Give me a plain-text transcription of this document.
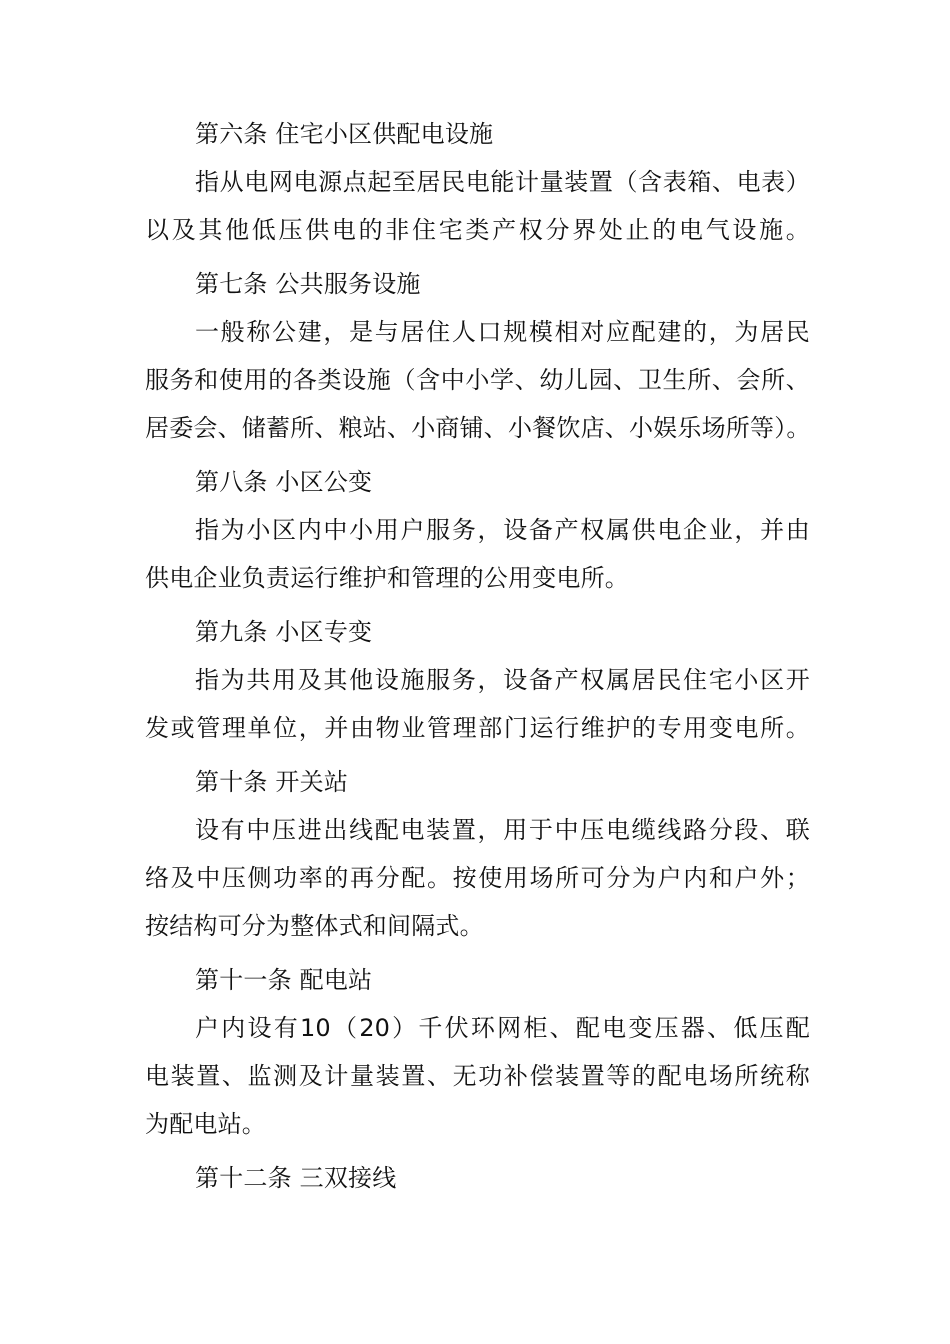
第六条 住宅小区供配电设施
指从电网电源点起至居民电能计量装置（含表箱、电表）
以及其他低压供电的非住宅类产权分界处止的电气设施。
第七条 公共服务设施
一般称公建，是与居住人口规模相对应配建的，为居民
服务和使用的各类设施（含中小学、幼儿园、卫生所、会所、
居委会、储蓄所、粮站、小商铺、小餐饮店、小娱乐场所等）。
第八条 小区公变
指为小区内中小用户服务，设备产权属供电企业，并由
供电企业负责运行维护和管理的公用变电所。
第九条 小区专变
指为共用及其他设施服务，设备产权属居民住宅小区开
发或管理单位，并由物业管理部门运行维护的专用变电所。
第十条 开关站
设有中压进出线配电装置，用于中压电缆线路分段、联
络及中压侧功率的再分配。按使用场所可分为户内和户外；
按结构可分为整体式和间隔式。
第十一条 配电站
户内设有10（20）千伏环网柜、配电变压器、低压配
电装置、监测及计量装置、无功补偿装置等的配电场所统称
为配电站。
第十二条 三双接线
